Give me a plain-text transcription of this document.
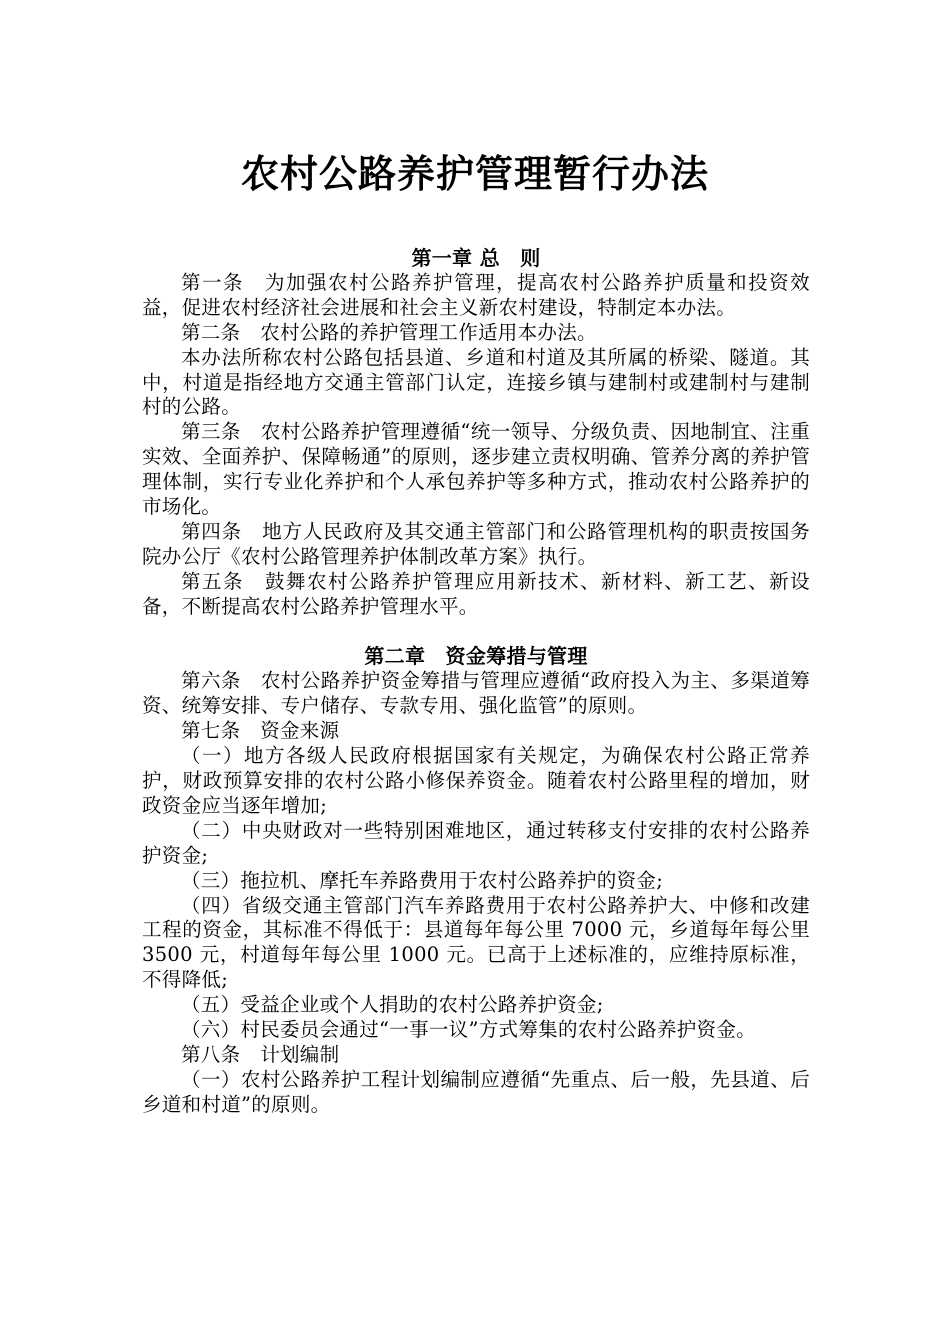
农村公路养护管理暂行办法
第一章 总　则

第一条　为加强农村公路养护管理，提高农村公路养护质量和投资效益，促进农村经济社会进展和社会主义新农村建设，特制定本办法。

第二条　农村公路的养护管理工作适用本办法。

本办法所称农村公路包括县道、乡道和村道及其所属的桥梁、隧道。其中，村道是指经地方交通主管部门认定，连接乡镇与建制村或建制村与建制村的公路。

第三条　农村公路养护管理遵循“统一领导、分级负责、因地制宜、注重实效、全面养护、保障畅通”的原则，逐步建立责权明确、管养分离的养护管理体制，实行专业化养护和个人承包养护等多种方式，推动农村公路养护的市场化。

第四条　地方人民政府及其交通主管部门和公路管理机构的职责按国务院办公厅《农村公路管理养护体制改革方案》执行。

第五条　鼓舞农村公路养护管理应用新技术、新材料、新工艺、新设备，不断提高农村公路养护管理水平。

第二章　资金筹措与管理

第六条　农村公路养护资金筹措与管理应遵循“政府投入为主、多渠道筹资、统筹安排、专户储存、专款专用、强化监管”的原则。

第七条　资金来源

（一）地方各级人民政府根据国家有关规定，为确保农村公路正常养护，财政预算安排的农村公路小修保养资金。随着农村公路里程的增加，财政资金应当逐年增加;

（二）中央财政对一些特别困难地区，通过转移支付安排的农村公路养护资金;

（三）拖拉机、摩托车养路费用于农村公路养护的资金;

（四）省级交通主管部门汽车养路费用于农村公路养护大、中修和改建工程的资金，其标准不得低于：县道每年每公里 7000 元，乡道每年每公里 3500 元，村道每年每公里 1000 元。已高于上述标准的，应维持原标准，不得降低;

（五）受益企业或个人捐助的农村公路养护资金;

（六）村民委员会通过“一事一议”方式筹集的农村公路养护资金。

第八条　计划编制

（一）农村公路养护工程计划编制应遵循“先重点、后一般，先县道、后乡道和村道”的原则。
